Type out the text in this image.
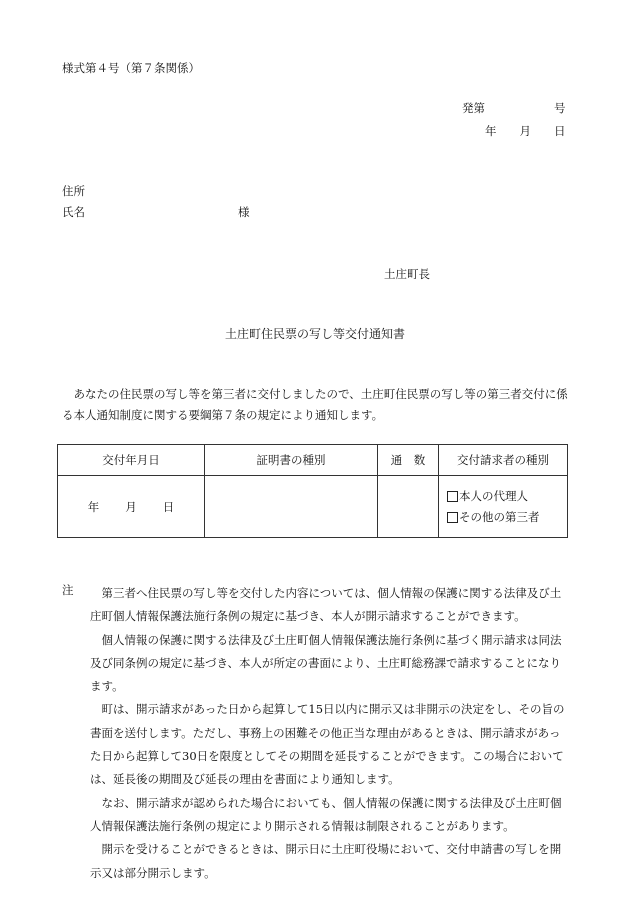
様式第４号（第７条関係）
発第　　　　　　号
年　　月　　日
住所
氏名	様
土庄町長
土庄町住民票の写し等交付通知書

あなたの住民票の写し等を第三者に交付しましたので、土庄町住民票の写し等の第三者交付に係る本人通知制度に関する要綱第７条の規定により通知します。

交付年月日	証明書の種別	通　数	交付請求者の種別
年 月 日			本人の代理人
その他の第三者
注	第三者へ住民票の写し等を交付した内容については、個人情報の保護に関する法律及び土庄町個人情報保護法施行条例の規定に基づき、本人が開示請求することができます。

個人情報の保護に関する法律及び土庄町個人情報保護法施行条例に基づく開示請求は同法及び同条例の規定に基づき、本人が所定の書面により、土庄町総務課で請求することになります。

町は、開示請求があった日から起算して15日以内に開示又は非開示の決定をし、その旨の書面を送付します。ただし、事務上の困難その他正当な理由があるときは、開示請求があった日から起算して30日を限度としてその期間を延長することができます。この場合においては、延長後の期間及び延長の理由を書面により通知します。

なお、開示請求が認められた場合においても、個人情報の保護に関する法律及び土庄町個人情報保護法施行条例の規定により開示される情報は制限されることがあります。

開示を受けることができるときは、開示日に土庄町役場において、交付申請書の写しを開示又は部分開示します。
